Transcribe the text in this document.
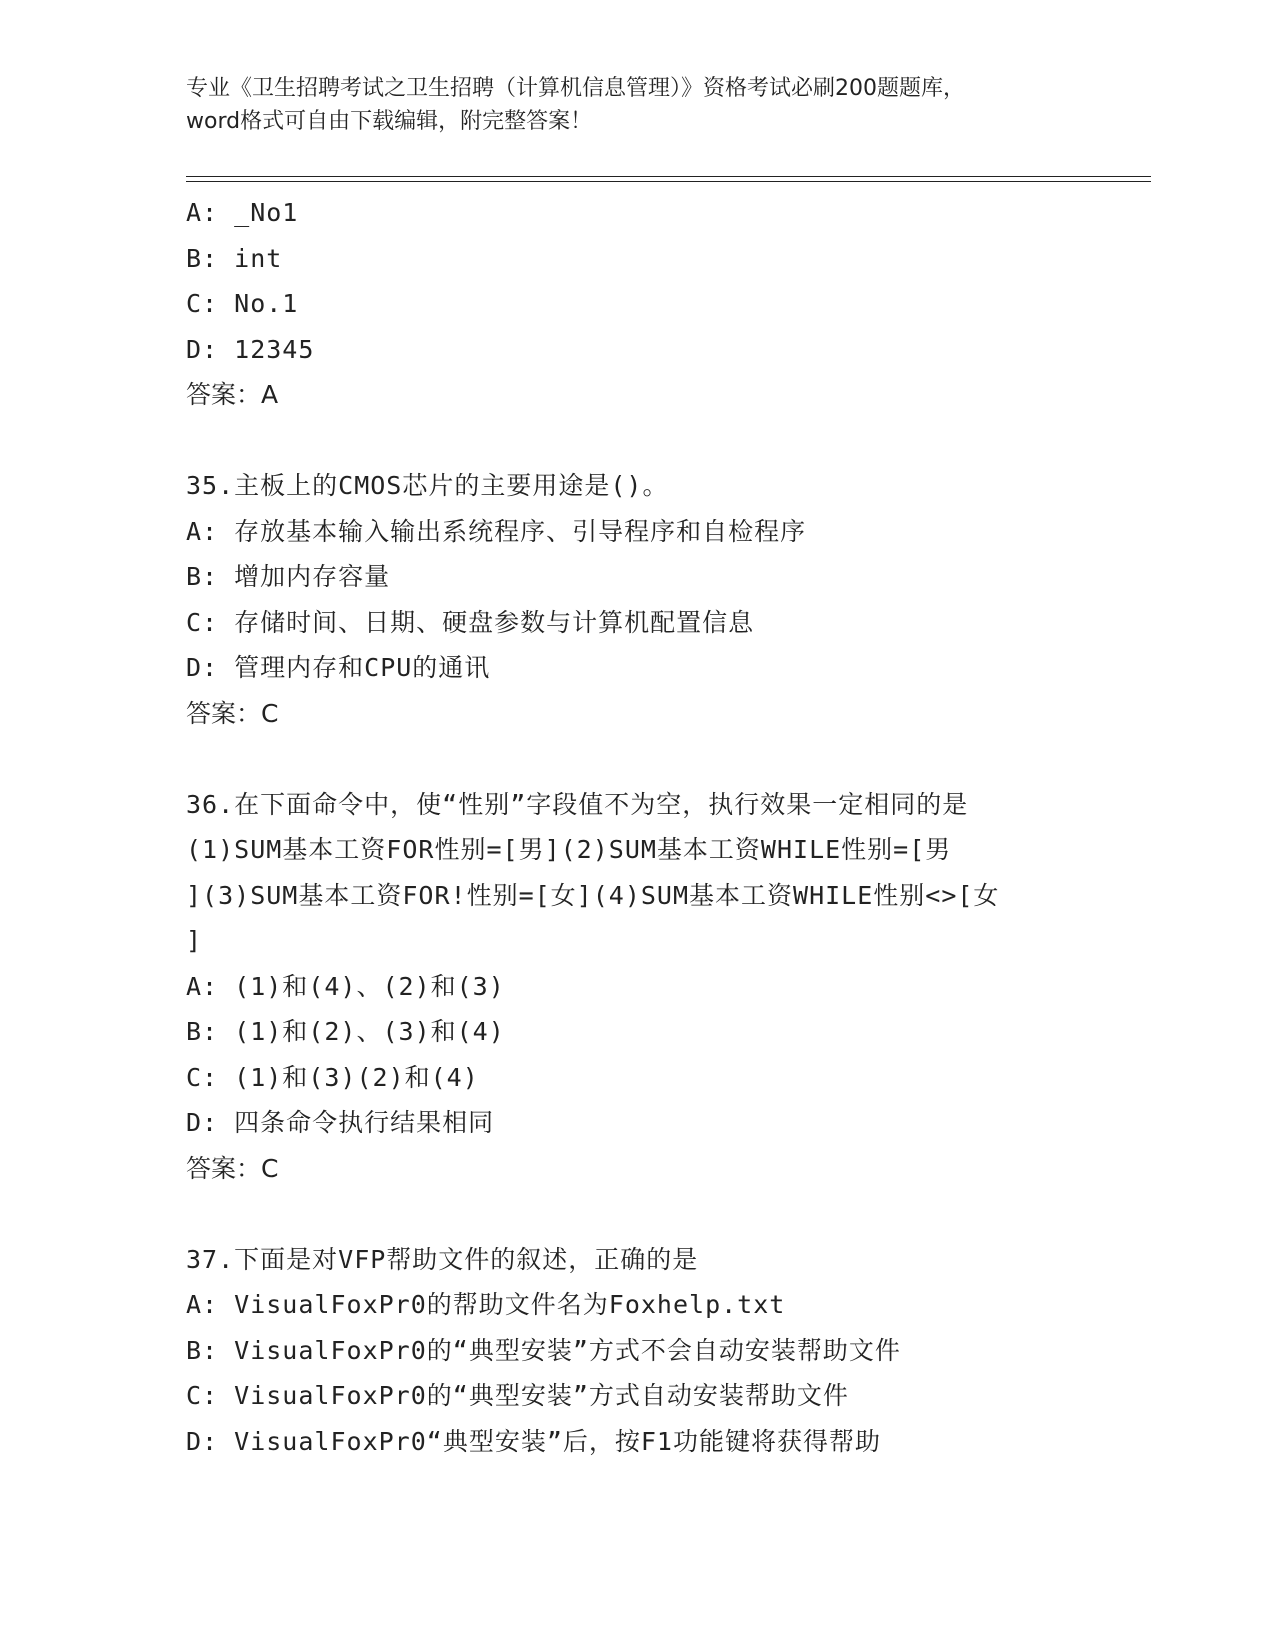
专业《卫生招聘考试之卫生招聘（计算机信息管理）》资格考试必刷200题题库，
word格式可自由下载编辑，附完整答案！
A: _No1
B: int
C: No.1
D: 12345
答案：A
35.主板上的CMOS芯片的主要用途是()。
A: 存放基本输入输出系统程序、引导程序和自检程序
B: 增加内存容量
C: 存储时间、日期、硬盘参数与计算机配置信息
D: 管理内存和CPU的通讯
答案：C
36.在下面命令中，使“性别”字段值不为空，执行效果一定相同的是
(1)SUM基本工资FOR性别=[男](2)SUM基本工资WHILE性别=[男
](3)SUM基本工资FOR!性别=[女](4)SUM基本工资WHILE性别<>[女
]
A: (1)和(4)、(2)和(3)
B: (1)和(2)、(3)和(4)
C: (1)和(3)(2)和(4)
D: 四条命令执行结果相同
答案：C
37.下面是对VFP帮助文件的叙述，正确的是
A: VisualFoxPr0的帮助文件名为Foxhelp.txt
B: VisualFoxPr0的“典型安装”方式不会自动安装帮助文件
C: VisualFoxPr0的“典型安装”方式自动安装帮助文件
D: VisualFoxPr0“典型安装”后，按F1功能键将获得帮助
